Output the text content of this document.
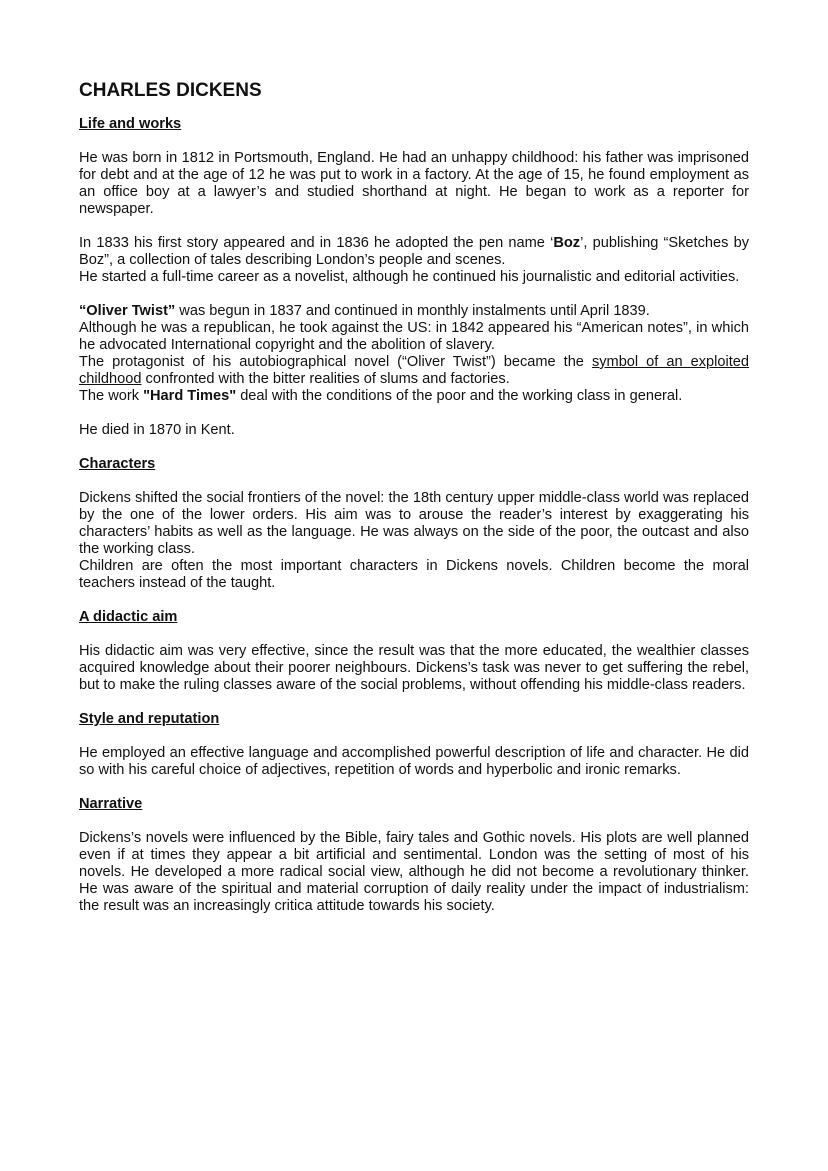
CHARLES DICKENS
Life and works

He was born in 1812 in Portsmouth, England. He had an unhappy childhood: his father was imprisoned for debt and at the age of 12 he was put to work in a factory. At the age of 15, he found employment as an office boy at a lawyer’s and studied shorthand at night. He began to work as a reporter for newspaper.

In 1833 his first story appeared and in 1836 he adopted the pen name ‘Boz’, publishing “Sketches by Boz”, a collection of tales describing London’s people and scenes.
He started a full-time career as a novelist, although he continued his journalistic and editorial activities.

“Oliver Twist” was begun in 1837 and continued in monthly instalments until April 1839.
Although he was a republican, he took against the US: in 1842 appeared his “American notes”, in which he advocated International copyright and the abolition of slavery.
The protagonist of his autobiographical novel (“Oliver Twist”) became the symbol of an exploited childhood confronted with the bitter realities of slums and factories.
The work "Hard Times" deal with the conditions of the poor and the working class in general.

He died in 1870 in Kent.

Characters

Dickens shifted the social frontiers of the novel: the 18th century upper middle-class world was replaced by the one of the lower orders. His aim was to arouse the reader’s interest by exaggerating his characters’ habits as well as the language. He was always on the side of the poor, the outcast and also the working class.
Children are often the most important characters in Dickens novels. Children become the moral teachers instead of the taught.

A didactic aim

His didactic aim was very effective, since the result was that the more educated, the wealthier classes acquired knowledge about their poorer neighbours. Dickens’s task was never to get suffering the rebel, but to make the ruling classes aware of the social problems, without offending his middle-class readers.

Style and reputation

He employed an effective language and accomplished powerful description of life and character. He did so with his careful choice of adjectives, repetition of words and hyperbolic and ironic remarks.

Narrative

Dickens’s novels were influenced by the Bible, fairy tales and Gothic novels. His plots are well planned even if at times they appear a bit artificial and sentimental. London was the setting of most of his novels. He developed a more radical social view, although he did not become a revolutionary thinker. He was aware of the spiritual and material corruption of daily reality under the impact of industrialism: the result was an increasingly critica attitude towards his society.
